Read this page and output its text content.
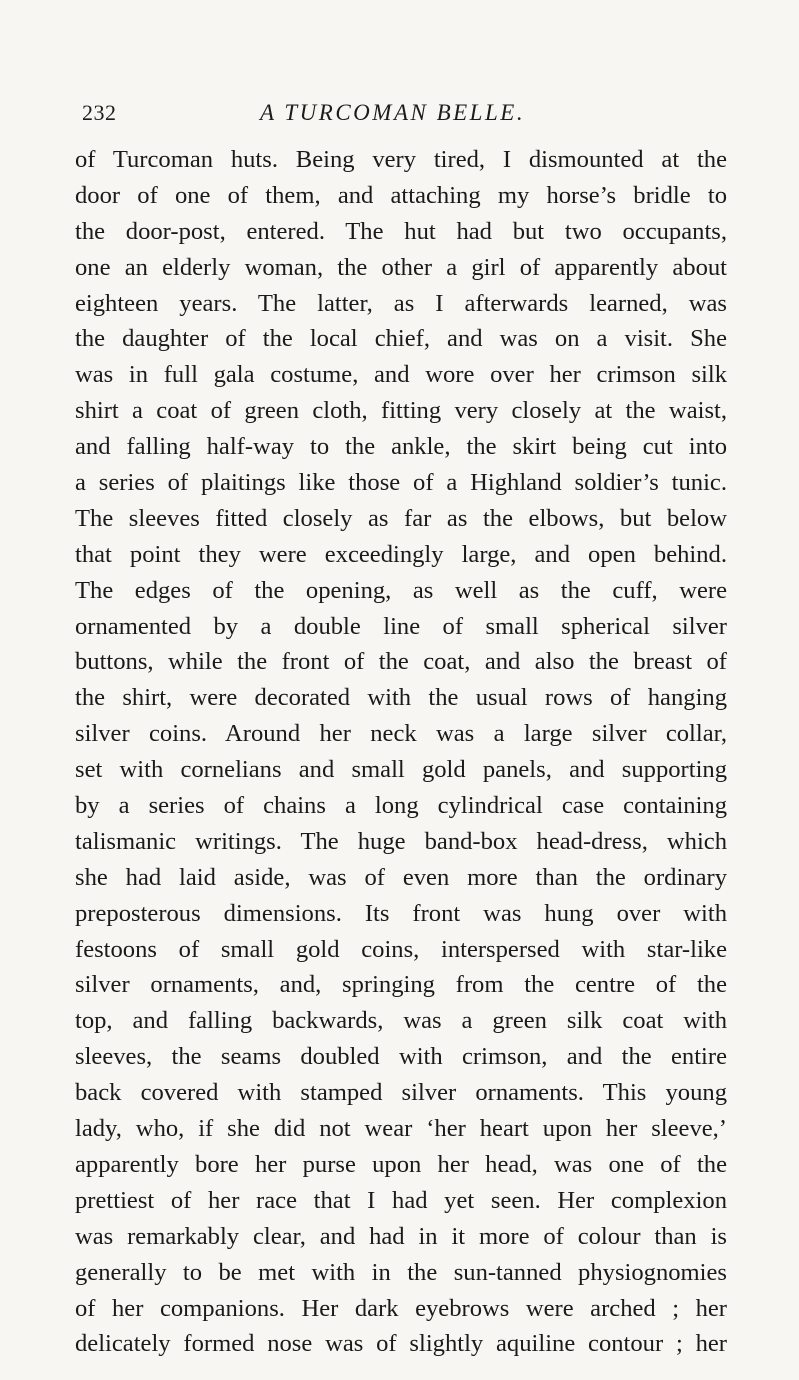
232	A TURCOMAN BELLE.
of Turcoman huts. Being very tired, I dismounted at the
door of one of them, and attaching my horse’s bridle to
the door-post, entered. The hut had but two occupants,
one an elderly woman, the other a girl of apparently about
eighteen years. The latter, as I afterwards learned, was
the daughter of the local chief, and was on a visit. She
was in full gala costume, and wore over her crimson silk
shirt a coat of green cloth, fitting very closely at the waist,
and falling half-way to the ankle, the skirt being cut into
a series of plaitings like those of a Highland soldier’s tunic.
The sleeves fitted closely as far as the elbows, but below
that point they were exceedingly large, and open behind.
The edges of the opening, as well as the cuff, were
ornamented by a double line of small spherical silver
buttons, while the front of the coat, and also the breast of
the shirt, were decorated with the usual rows of hanging
silver coins. Around her neck was a large silver collar,
set with cornelians and small gold panels, and supporting
by a series of chains a long cylindrical case containing
talismanic writings. The huge band-box head-dress, which
she had laid aside, was of even more than the ordinary
preposterous dimensions. Its front was hung over with
festoons of small gold coins, interspersed with star-like
silver ornaments, and, springing from the centre of the
top, and falling backwards, was a green silk coat with
sleeves, the seams doubled with crimson, and the entire
back covered with stamped silver ornaments. This young
lady, who, if she did not wear ‘her heart upon her sleeve,’
apparently bore her purse upon her head, was one of the
prettiest of her race that I had yet seen. Her complexion
was remarkably clear, and had in it more of colour than is
generally to be met with in the sun-tanned physiognomies
of her companions. Her dark eyebrows were arched ; her
delicately formed nose was of slightly aquiline contour ; her
